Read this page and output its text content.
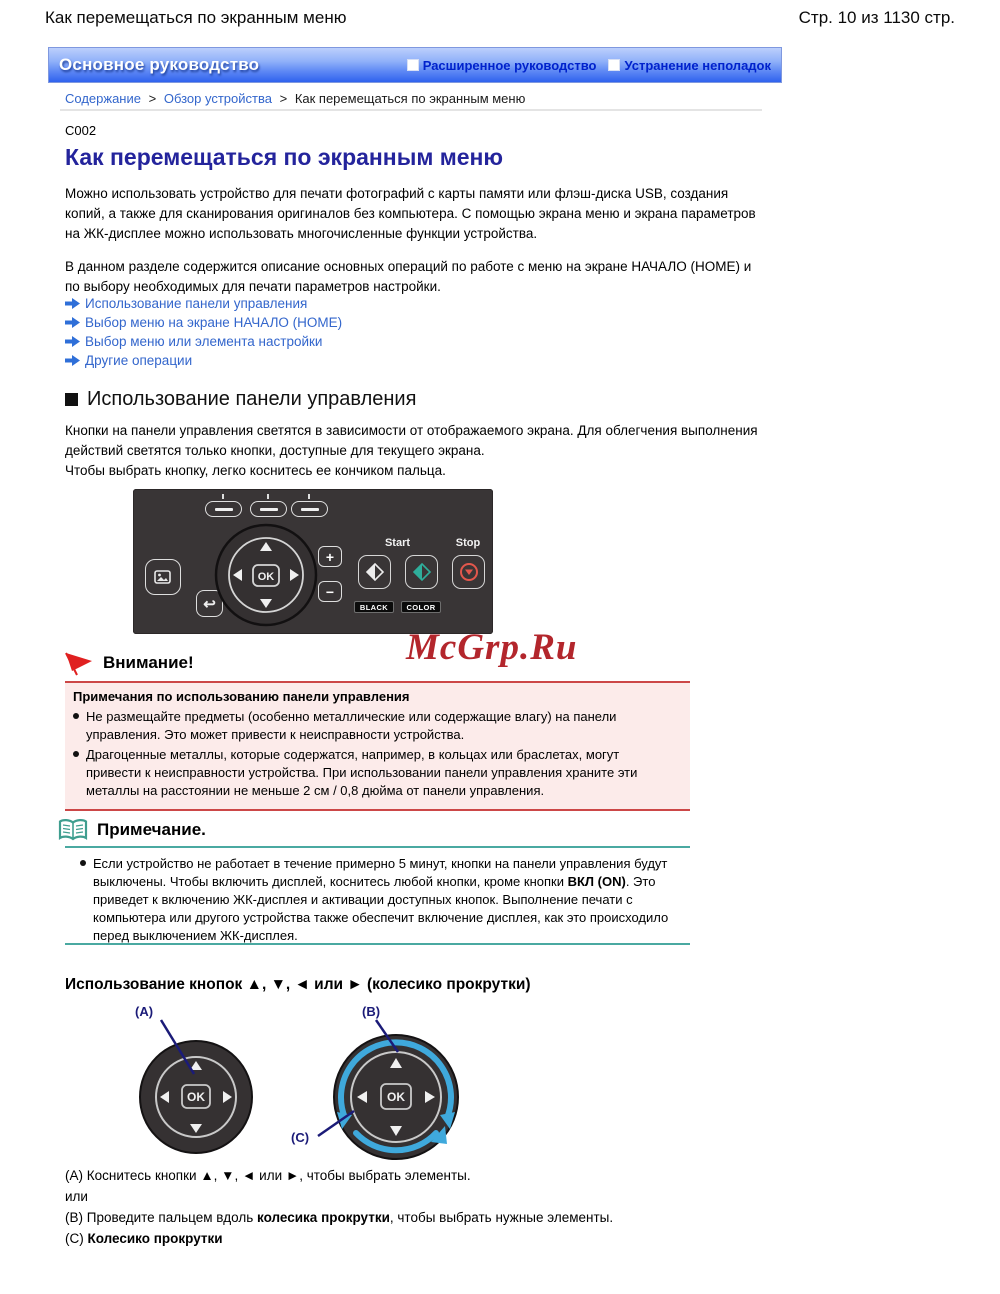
Как перемещаться по экранным меню	Стр. 10 из 1130 стр.
Основное руководство	Расширенное руководство Устранение неполадок
Содержание > Обзор устройства > Как перемещаться по экранным меню
C002
Как перемещаться по экранным меню

Можно использовать устройство для печати фотографий с карты памяти или флэш-диска USB, создания копий, а также для сканирования оригиналов без компьютера. С помощью экрана меню и экрана параметров на ЖК-дисплее можно использовать многочисленные функции устройства.

В данном разделе содержится описание основных операций по работе с меню на экране НАЧАЛО (HOME) и по выбору необходимых для печати параметров настройки.

Использование панели управления
Выбор меню на экране НАЧАЛО (HOME)
Выбор меню или элемента настройки
Другие операции
Использование панели управления

Кнопки на панели управления светятся в зависимости от отображаемого экрана. Для облегчения выполнения действий светятся только кнопки, доступные для текущего экрана.

Чтобы выбрать кнопку, легко коснитесь ее кончиком пальца.

↩
OK
+
−
Start
BLACK	COLOR
Stop
McGrp.Ru
Внимание!
Примечания по использованию панели управления
Не размещайте предметы (особенно металлические или содержащие влагу) на панели управления. Это может привести к неисправности устройства.
Драгоценные металлы, которые содержатся, например, в кольцах или браслетах, могут привести к неисправности устройства. При использовании панели управления храните эти металлы на расстоянии не меньше 2 см / 0,8 дюйма от панели управления.
Примечание.
Если устройство не работает в течение примерно 5 минут, кнопки на панели управления будут выключены. Чтобы включить дисплей, коснитесь любой кнопки, кроме кнопки ВКЛ (ON). Это приведет к включению ЖК-дисплея и активации доступных кнопок. Выполнение печати с компьютера или другого устройства также обеспечит включение дисплея, как это происходило перед выключением ЖК-дисплея.
Использование кнопок ▲, ▼, ◄ или ► (колесико прокрутки)
(A)	(B)
(C)
OK	OK
(A) Коснитесь кнопки ▲, ▼, ◄ или ►, чтобы выбрать элементы.
или
(B) Проведите пальцем вдоль колесика прокрутки, чтобы выбрать нужные элементы.
(C) Колесико прокрутки
